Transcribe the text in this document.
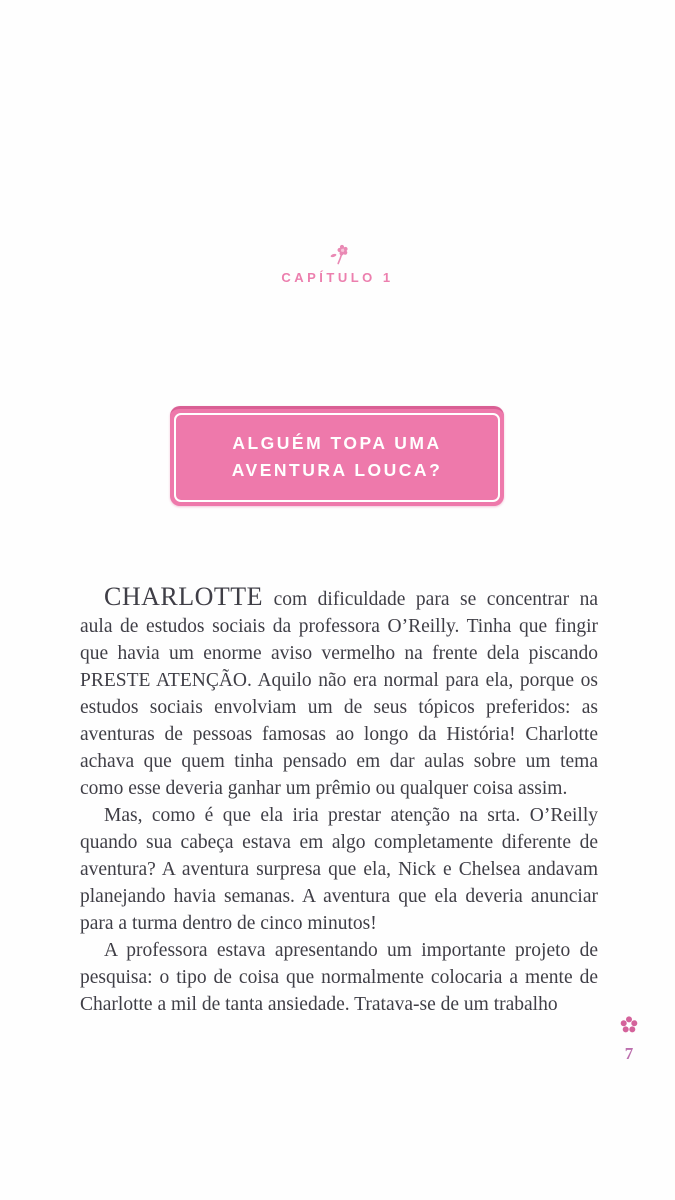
CAPÍTULO 1
ALGUÉM TOPA UMA
AVENTURA LOUCA?

CHARLOTTE com dificuldade para se concentrar na aula de estudos sociais da professora O’Reilly. Tinha que fingir que havia um enorme aviso vermelho na frente dela piscando PRESTE ATENÇÃO. Aquilo não era normal para ela, porque os estudos sociais envolviam um de seus tópicos preferidos: as aventuras de pessoas famosas ao longo da História! Charlotte achava que quem tinha pensado em dar aulas sobre um tema como esse deveria ganhar um prêmio ou qualquer coisa assim.

Mas, como é que ela iria prestar atenção na srta. O’Reilly quando sua cabeça estava em algo completamente diferente de aventura? A aventura surpresa que ela, Nick e Chelsea andavam planejando havia semanas. A aventura que ela deveria anunciar para a turma dentro de cinco minutos!

A professora estava apresentando um importante projeto de pesquisa: o tipo de coisa que normalmente colocaria a mente de Charlotte a mil de tanta ansiedade. Tratava-se de um trabalho

7
